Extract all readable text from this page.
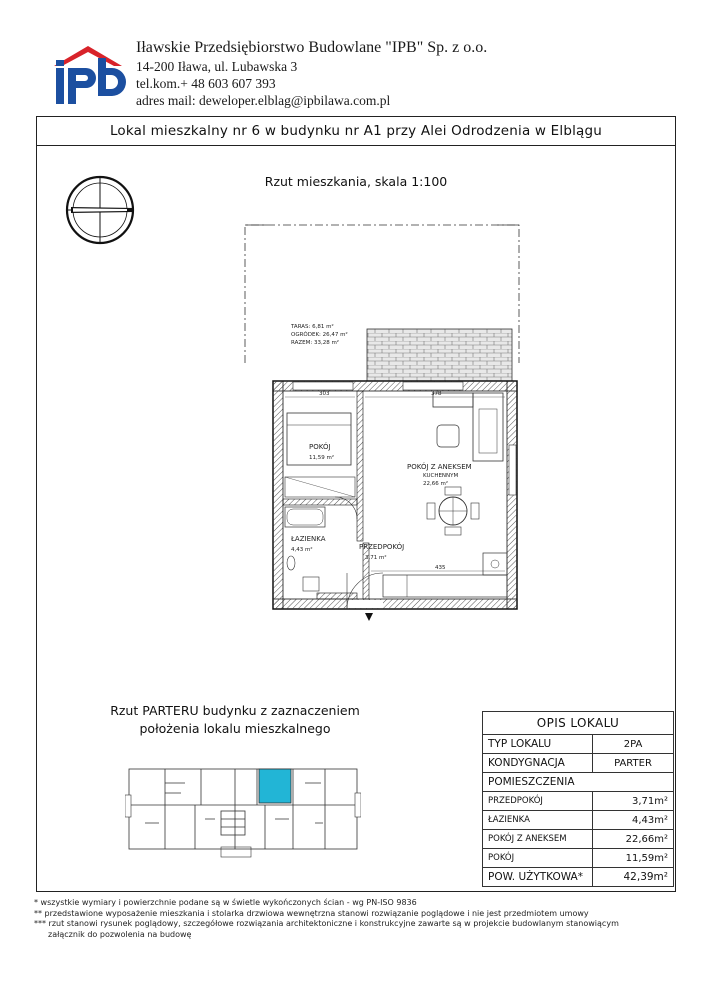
Iławskie Przedsiębiorstwo Budowlane "IPB" Sp. z o.o.
14-200 Iława, ul. Lubawska 3
tel.kom.+ 48 603 607 393
adres mail: deweloper.elblag@ipbilawa.com.pl
Lokal mieszkalny nr 6 w budynku nr A1 przy Alei Odrodzenia w Elblągu
Rzut mieszkania, skala 1:100
TARAS: 6,81 m²
OGRÓDEK: 26,47 m²
RAZEM: 33,28 m²
303	378
435
POKÓJ
11,59 m²
POKÓJ Z ANEKSEM
KUCHENNYM
22,66 m²
ŁAZIENKA
4,43 m²	PRZEDPOKÓJ
3,71 m²
Rzut PARTERU budynku z zaznaczeniem
położenia lokalu mieszkalnego	OPIS LOKALU	
TYP LOKALU	2PA
KONDYGNACJA	PARTER
POMIESZCZENIA	
PRZEDPOKÓJ	3,71m²
ŁAZIENKA	4,43m²
POKÓJ Z ANEKSEM	22,66m²
POKÓJ	11,59m²
POW. UŻYTKOWA*	42,39m²
* wszystkie wymiary i powierzchnie podane są w świetle wykończonych ścian - wg PN-ISO 9836
** przedstawione wyposażenie mieszkania i stolarka drzwiowa wewnętrzna stanowi rozwiązanie poglądowe i nie jest przedmiotem umowy
*** rzut stanowi rysunek poglądowy, szczegółowe rozwiązania architektoniczne i konstrukcyjne zawarte są w projekcie budowlanym stanowiącym
załącznik do pozwolenia na budowę
